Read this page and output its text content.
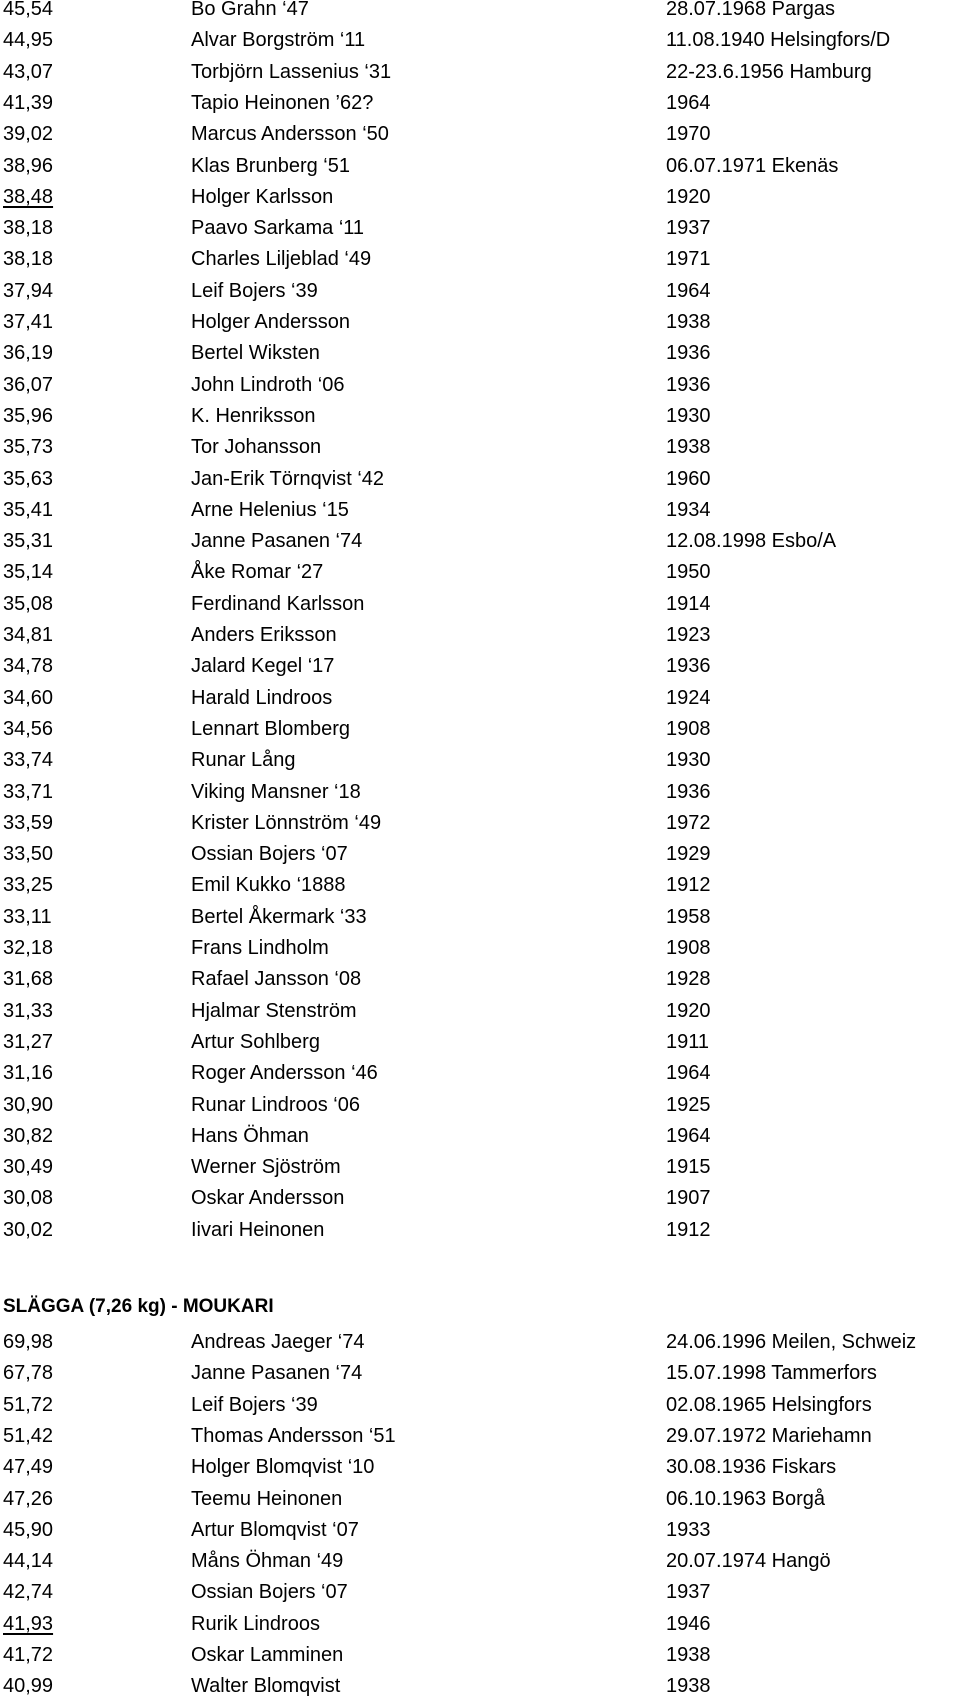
45,54	Bo Grahn ‘47	28.07.1968 Pargas
44,95	Alvar Borgström ‘11	11.08.1940 Helsingfors/D
43,07	Torbjörn Lassenius ‘31	22-23.6.1956 Hamburg
41,39	Tapio Heinonen ’62?	1964
39,02	Marcus Andersson ‘50	1970
38,96	Klas Brunberg ‘51	06.07.1971 Ekenäs
38,48	Holger Karlsson	1920
38,18	Paavo Sarkama ‘11	1937
38,18	Charles Liljeblad ‘49	1971
37,94	Leif Bojers ‘39	1964
37,41	Holger Andersson	1938
36,19	Bertel Wiksten	1936
36,07	John Lindroth ‘06	1936
35,96	K. Henriksson	1930
35,73	Tor Johansson	1938
35,63	Jan-Erik Törnqvist ‘42	1960
35,41	Arne Helenius ‘15	1934
35,31	Janne Pasanen ‘74	12.08.1998 Esbo/A
35,14	Åke Romar ‘27	1950
35,08	Ferdinand Karlsson	1914
34,81	Anders Eriksson	1923
34,78	Jalard Kegel ‘17	1936
34,60	Harald Lindroos	1924
34,56	Lennart Blomberg	1908
33,74	Runar Lång	1930
33,71	Viking Mansner ‘18	1936
33,59	Krister Lönnström ‘49	1972
33,50	Ossian Bojers ‘07	1929
33,25	Emil Kukko ‘1888	1912
33,11	Bertel Åkermark ‘33	1958
32,18	Frans Lindholm	1908
31,68	Rafael Jansson ‘08	1928
31,33	Hjalmar Stenström	1920
31,27	Artur Sohlberg	1911
31,16	Roger Andersson ‘46	1964
30,90	Runar Lindroos ‘06	1925
30,82	Hans Öhman	1964
30,49	Werner Sjöström	1915
30,08	Oskar Andersson	1907
30,02	Iivari Heinonen	1912
SLÄGGA (7,26 kg) - MOUKARI
69,98	Andreas Jaeger ‘74	24.06.1996 Meilen, Schweiz
67,78	Janne Pasanen ‘74	15.07.1998 Tammerfors
51,72	Leif Bojers ‘39	02.08.1965 Helsingfors
51,42	Thomas Andersson ‘51	29.07.1972 Mariehamn
47,49	Holger Blomqvist ‘10	30.08.1936 Fiskars
47,26	Teemu Heinonen	06.10.1963 Borgå
45,90	Artur Blomqvist ‘07	1933
44,14	Måns Öhman ‘49	20.07.1974 Hangö
42,74	Ossian Bojers ‘07	1937
41,93	Rurik Lindroos	1946
41,72	Oskar Lamminen	1938
40,99	Walter Blomqvist	1938
